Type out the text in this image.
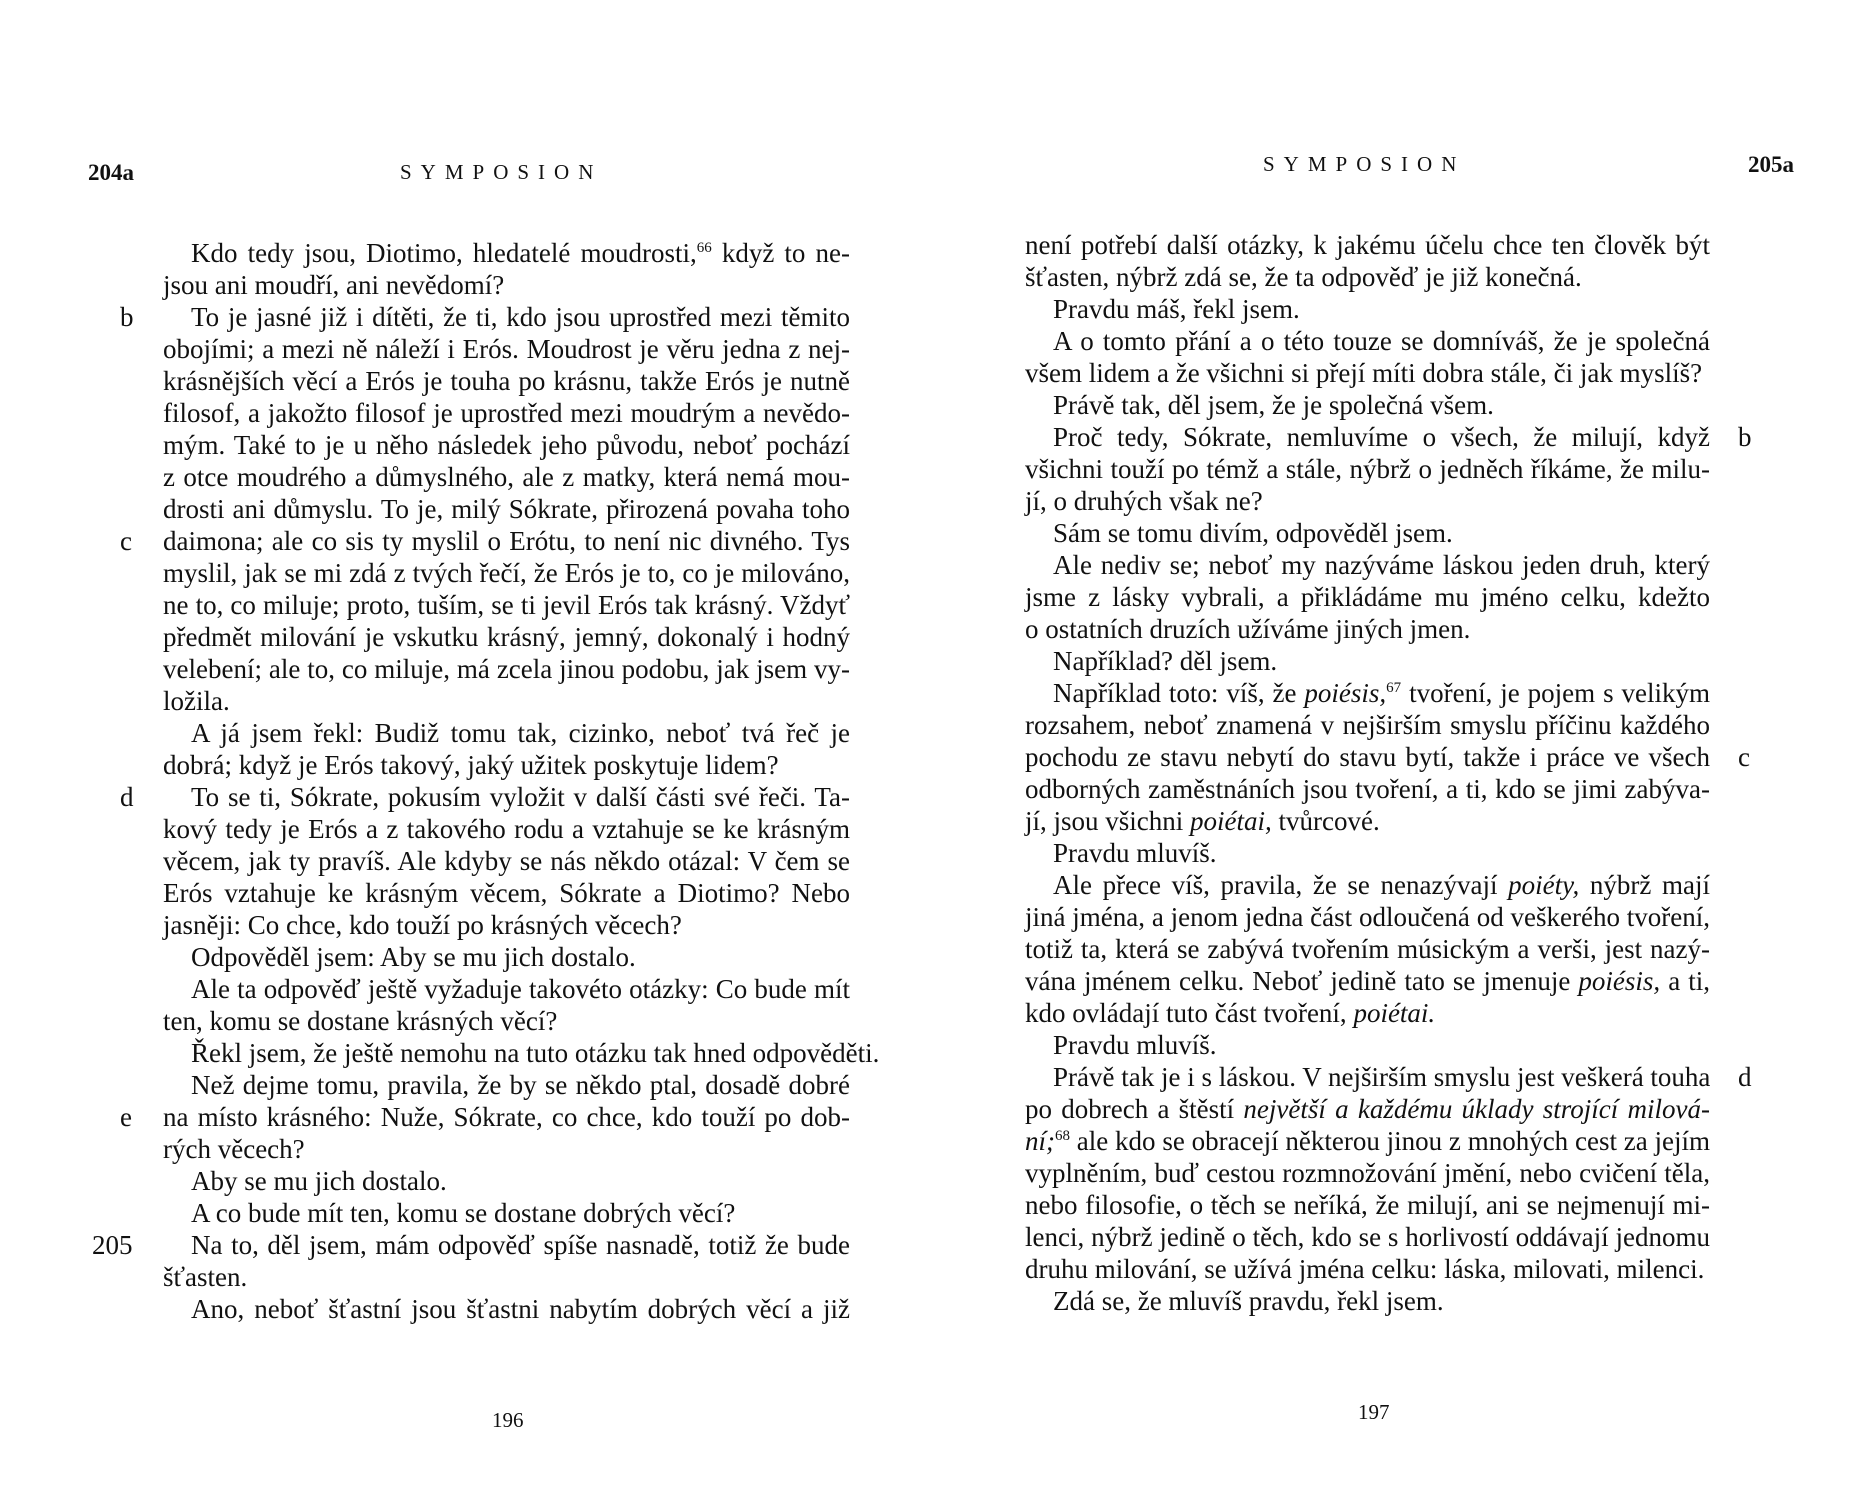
204a	SYMPOSION
b
c
d
e
205
Kdo tedy jsou, Diotimo, hledatelé moudrosti,$^{66}$ když to ne-
jsou ani moudří, ani nevědomí?
To je jasné již i dítěti, že ti, kdo jsou uprostřed mezi těmito
obojími; a mezi ně náleží i Erós. Moudrost je věru jedna z nej-
krásnějších věcí a Erós je touha po krásnu, takže Erós je nutně
filosof, a jakožto filosof je uprostřed mezi moudrým a nevědo-
mým. Také to je u něho následek jeho původu, neboť pochází
z otce moudrého a důmyslného, ale z matky, která nemá mou-
drosti ani důmyslu. To je, milý Sókrate, přirozená povaha toho
daimona; ale co sis ty myslil o Erótu, to není nic divného. Tys
myslil, jak se mi zdá z tvých řečí, že Erós je to, co je milováno,
ne to, co miluje; proto, tuším, se ti jevil Erós tak krásný. Vždyť
předmět milování je vskutku krásný, jemný, dokonalý i hodný
velebení; ale to, co miluje, má zcela jinou podobu, jak jsem vy-
ložila.
A já jsem řekl: Budiž tomu tak, cizinko, neboť tvá řeč je
dobrá; když je Erós takový, jaký užitek poskytuje lidem?
To se ti, Sókrate, pokusím vyložit v další části své řeči. Ta-
kový tedy je Erós a z takového rodu a vztahuje se ke krásným
věcem, jak ty pravíš. Ale kdyby se nás někdo otázal: V čem se
Erós vztahuje ke krásným věcem, Sókrate a Diotimo? Nebo
jasněji: Co chce, kdo touží po krásných věcech?
Odpověděl jsem: Aby se mu jich dostalo.
Ale ta odpověď ještě vyžaduje takovéto otázky: Co bude mít
ten, komu se dostane krásných věcí?
Řekl jsem, že ještě nemohu na tuto otázku tak hned odpověděti.
Než dejme tomu, pravila, že by se někdo ptal, dosadě dobré
na místo krásného: Nuže, Sókrate, co chce, kdo touží po dob-
rých věcech?
Aby se mu jich dostalo.
A co bude mít ten, komu se dostane dobrých věcí?
Na to, děl jsem, mám odpověď spíše nasnadě, totiž že bude
šťasten.
Ano, neboť šťastní jsou šťastni nabytím dobrých věcí a již
196
SYMPOSION	205a
b
c
d
není potřebí další otázky, k jakému účelu chce ten člověk být
šťasten, nýbrž zdá se, že ta odpověď je již konečná.
Pravdu máš, řekl jsem.
A o tomto přání a o této touze se domníváš, že je společná
všem lidem a že všichni si přejí míti dobra stále, či jak myslíš?
Právě tak, děl jsem, že je společná všem.
Proč tedy, Sókrate, nemluvíme o všech, že milují, když
všichni touží po témž a stále, nýbrž o jedněch říkáme, že milu-
jí, o druhých však ne?
Sám se tomu divím, odpověděl jsem.
Ale nediv se; neboť my nazýváme láskou jeden druh, který
jsme z lásky vybrali, a přikládáme mu jméno celku, kdežto
o ostatních druzích užíváme jiných jmen.
Například? děl jsem.
Například toto: víš, že poiésis,$^{67}$ tvoření, je pojem s velikým
rozsahem, neboť znamená v nejširším smyslu příčinu každého
pochodu ze stavu nebytí do stavu bytí, takže i práce ve všech
odborných zaměstnáních jsou tvoření, a ti, kdo se jimi zabýva-
jí, jsou všichni poiétai, tvůrcové.
Pravdu mluvíš.
Ale přece víš, pravila, že se nenazývají poiéty, nýbrž mají
jiná jména, a jenom jedna část odloučená od veškerého tvoření,
totiž ta, která se zabývá tvořením músickým a verši, jest nazý-
vána jménem celku. Neboť jedině tato se jmenuje poiésis, a ti,
kdo ovládají tuto část tvoření, poiétai.
Pravdu mluvíš.
Právě tak je i s láskou. V nejširším smyslu jest veškerá touha
po dobrech a štěstí největší a každému úklady strojící milová-
ní;$^{68}$ ale kdo se obracejí některou jinou z mnohých cest za jejím
vyplněním, buď cestou rozmnožování jmění, nebo cvičení těla,
nebo filosofie, o těch se neříká, že milují, ani se nejmenují mi-
lenci, nýbrž jedině o těch, kdo se s horlivostí oddávají jednomu
druhu milování, se užívá jména celku: láska, milovati, milenci.
Zdá se, že mluvíš pravdu, řekl jsem.
197
